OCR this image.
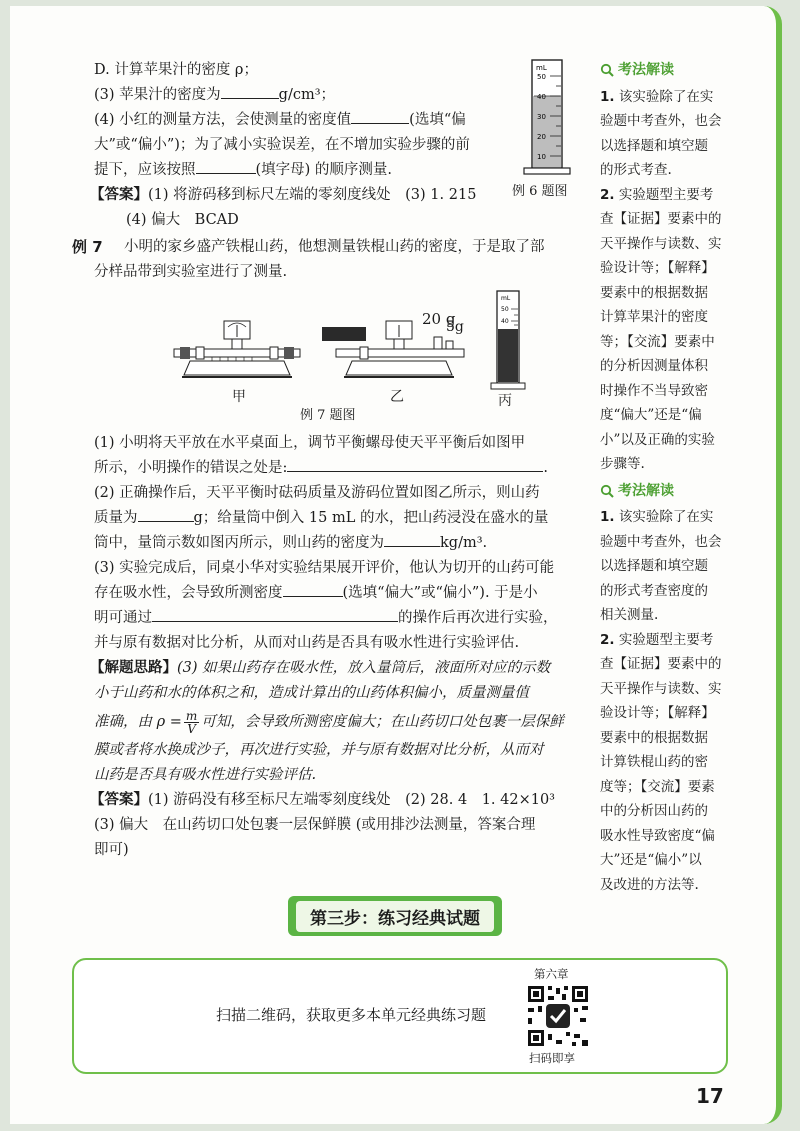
mL
50
40
30
20
10
例 6 题图
D. 计算苹果汁的密度 ρ；
(3) 苹果汁的密度为	g/cm³；
(4) 小红的测量方法，会使测量的密度值	(选填“偏
大”或“偏小”)；为了减小实验误差，在不增加实验步骤的前
提下，应该按照	(填字母) 的顺序测量.
【答案】(1) 将游码移到标尺左端的零刻度线处　(3) 1. 215
(4) 偏大　BCAD
例 7 小明的家乡盛产铁棍山药，他想测量铁棍山药的密度，于是取了部
分样品带到实验室进行了测量.
20 g
5g
mL
50
40
甲	乙	丙
例 7 题图
(1) 小明将天平放在水平桌面上，调节平衡螺母使天平平衡后如图甲
所示，小明操作的错误之处是:	.
(2) 正确操作后，天平平衡时砝码质量及游码位置如图乙所示，则山药
质量为	g；给量筒中倒入 15 mL 的水，把山药浸没在盛水的量
筒中，量筒示数如图丙所示，则山药的密度为	kg/m³.
(3) 实验完成后，同桌小华对实验结果展开评价，他认为切开的山药可能
存在吸水性，会导致所测密度	(选填“偏大”或“偏小”). 于是小
明可通过	的操作后再次进行实验，
并与原有数据对比分析，从而对山药是否具有吸水性进行实验评估.
【解题思路】(3) 如果山药存在吸水性，放入量筒后，液面所对应的示数
小于山药和水的体积之和，造成计算出的山药体积偏小，质量测量值
准确，由 $\rho = \frac{m}{V}$ 可知，会导致所测密度偏大；在山药切口处包裹一层保鲜
膜或者将水换成沙子，再次进行实验，并与原有数据对比分析，从而对
山药是否具有吸水性进行实验评估.
【答案】(1) 游码没有移至标尺左端零刻度线处　(2) 28. 4　1. 42×10³
(3) 偏大　在山药切口处包裹一层保鲜膜 (或用排沙法测量，答案合理
即可)
考法解读
1. 该实验除了在实
验题中考查外，也会
以选择题和填空题
的形式考查.
2. 实验题型主要考
查【证据】要素中的
天平操作与读数、实
验设计等；【解释】
要素中的根据数据
计算苹果汁的密度
等；【交流】要素中
的分析因测量体积
时操作不当导致密
度“偏大”还是“偏
小”以及正确的实验
步骤等.
考法解读
1. 该实验除了在实
验题中考查外，也会
以选择题和填空题
的形式考查密度的
相关测量.
2. 实验题型主要考
查【证据】要素中的
天平操作与读数、实
验设计等；【解释】
要素中的根据数据
计算铁棍山药的密
度等；【交流】要素
中的分析因山药的
吸水性导致密度“偏
大”还是“偏小”以
及改进的方法等.
第三步：练习经典试题
扫描二维码，获取更多本单元经典练习题
第六章
扫码即享
17
